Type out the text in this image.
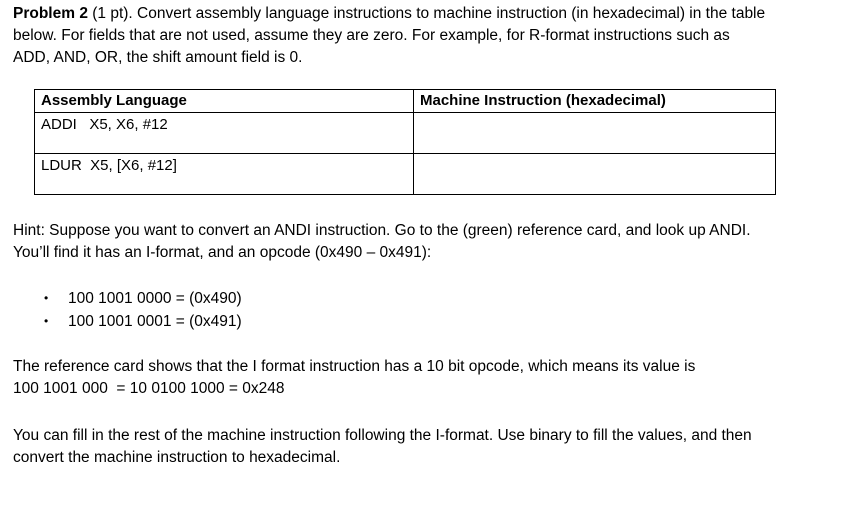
Problem 2 (1 pt). Convert assembly language instructions to machine instruction (in hexadecimal) in the table
below. For fields that are not used, assume they are zero. For example, for R-format instructions such as
ADD, AND, OR, the shift amount field is 0.
Assembly Language	Machine Instruction (hexadecimal)
ADDI   X5, X6, #12	

LDUR  X5, [X6, #12]	

Hint: Suppose you want to convert an ANDI instruction. Go to the (green) reference card, and look up ANDI.
You’ll find it has an I-format, and an opcode (0x490 – 0x491):
• 100 1001 0000 = (0x490)
• 100 1001 0001 = (0x491)
The reference card shows that the I format instruction has a 10 bit opcode, which means its value is
100 1001 000  = 10 0100 1000 = 0x248
You can fill in the rest of the machine instruction following the I-format. Use binary to fill the values, and then
convert the machine instruction to hexadecimal.
